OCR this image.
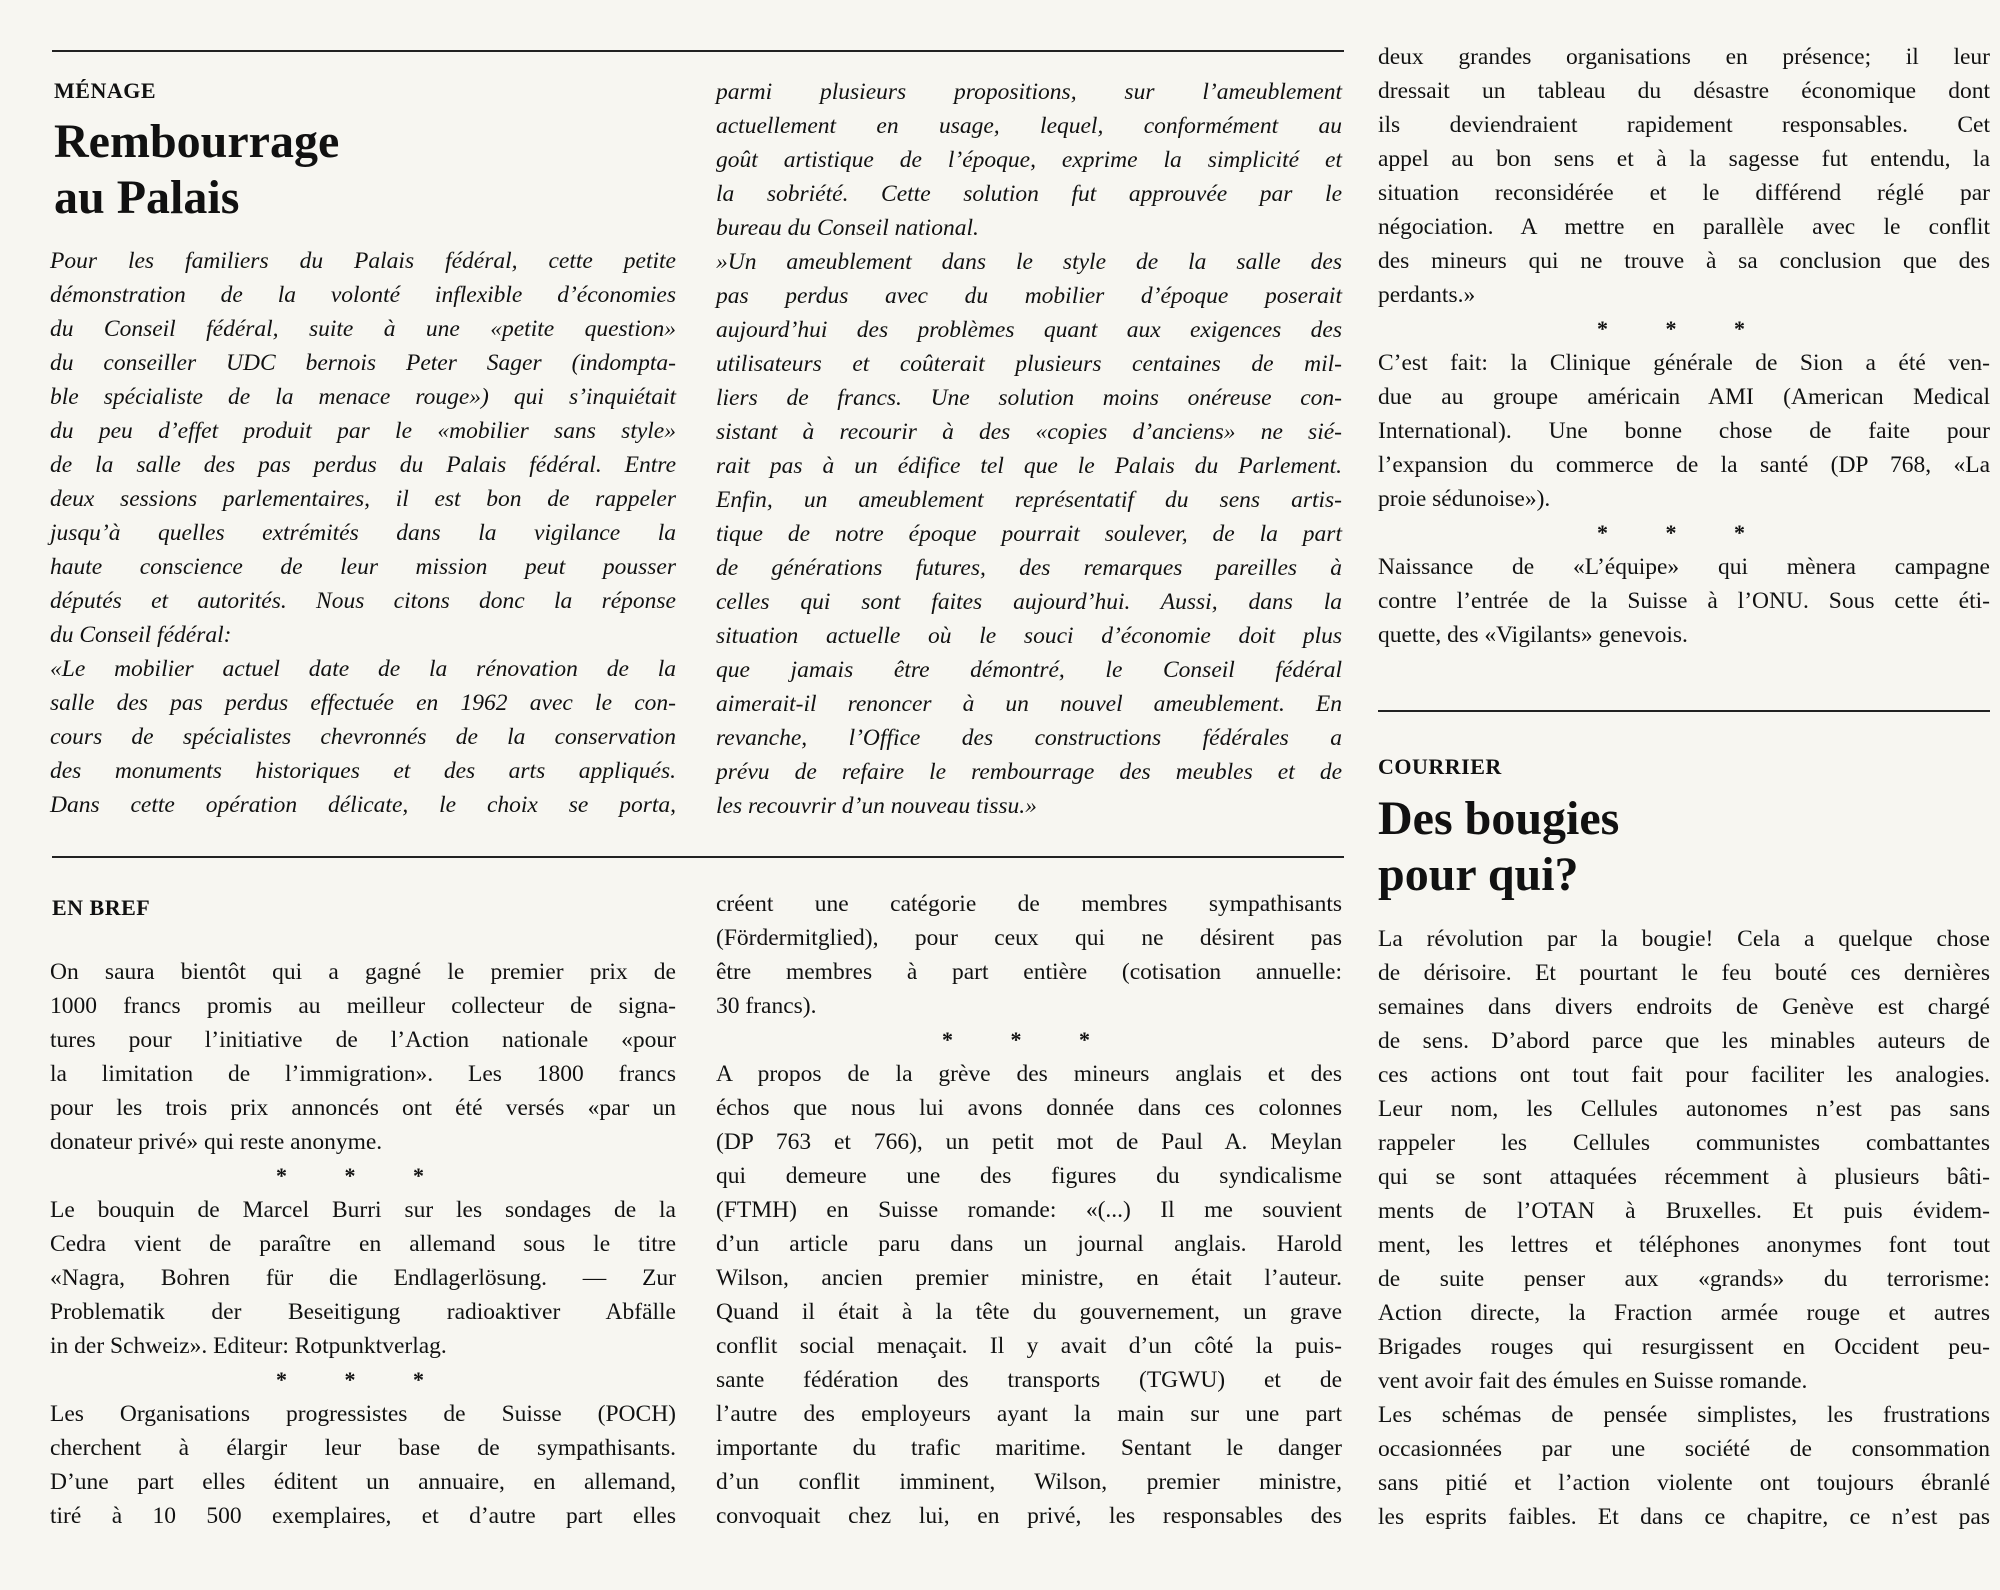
MÉNAGE
Rembourrage
au Palais
Pour les familiers du Palais fédéral, cette petite
démonstration de la volonté inflexible d’économies
du Conseil fédéral, suite à une «petite question»
du conseiller UDC bernois Peter Sager (indompta-
ble spécialiste de la menace rouge») qui s’inquiétait
du peu d’effet produit par le «mobilier sans style»
de la salle des pas perdus du Palais fédéral. Entre
deux sessions parlementaires, il est bon de rappeler
jusqu’à quelles extrémités dans la vigilance la
haute conscience de leur mission peut pousser
députés et autorités. Nous citons donc la réponse
du Conseil fédéral:
«Le mobilier actuel date de la rénovation de la
salle des pas perdus effectuée en 1962 avec le con-
cours de spécialistes chevronnés de la conservation
des monuments historiques et des arts appliqués.
Dans cette opération délicate, le choix se porta,
parmi plusieurs propositions, sur l’ameublement
actuellement en usage, lequel, conformément au
goût artistique de l’époque, exprime la simplicité et
la sobriété. Cette solution fut approuvée par le
bureau du Conseil national.
»Un ameublement dans le style de la salle des
pas perdus avec du mobilier d’époque poserait
aujourd’hui des problèmes quant aux exigences des
utilisateurs et coûterait plusieurs centaines de mil-
liers de francs. Une solution moins onéreuse con-
sistant à recourir à des «copies d’anciens» ne sié-
rait pas à un édifice tel que le Palais du Parlement.
Enfin, un ameublement représentatif du sens artis-
tique de notre époque pourrait soulever, de la part
de générations futures, des remarques pareilles à
celles qui sont faites aujourd’hui. Aussi, dans la
situation actuelle où le souci d’économie doit plus
que jamais être démontré, le Conseil fédéral
aimerait-il renoncer à un nouvel ameublement. En
revanche, l’Office des constructions fédérales a
prévu de refaire le rembourrage des meubles et de
les recouvrir d’un nouveau tissu.»
deux grandes organisations en présence; il leur
dressait un tableau du désastre économique dont
ils deviendraient rapidement responsables. Cet
appel au bon sens et à la sagesse fut entendu, la
situation reconsidérée et le différend réglé par
négociation. A mettre en parallèle avec le conflit
des mineurs qui ne trouve à sa conclusion que des
perdants.»
* * *
C’est fait: la Clinique générale de Sion a été ven-
due au groupe américain AMI (American Medical
International). Une bonne chose de faite pour
l’expansion du commerce de la santé (DP 768, «La
proie sédunoise»).
* * *
Naissance de «L’équipe» qui mènera campagne
contre l’entrée de la Suisse à l’ONU. Sous cette éti-
quette, des «Vigilants» genevois.
EN BREF
On saura bientôt qui a gagné le premier prix de
1000 francs promis au meilleur collecteur de signa-
tures pour l’initiative de l’Action nationale «pour
la limitation de l’immigration». Les 1800 francs
pour les trois prix annoncés ont été versés «par un
donateur privé» qui reste anonyme.
* * *
Le bouquin de Marcel Burri sur les sondages de la
Cedra vient de paraître en allemand sous le titre
«Nagra, Bohren für die Endlagerlösung. — Zur
Problematik der Beseitigung radioaktiver Abfälle
in der Schweiz». Editeur: Rotpunktverlag.
* * *
Les Organisations progressistes de Suisse (POCH)
cherchent à élargir leur base de sympathisants.
D’une part elles éditent un annuaire, en allemand,
tiré à 10 500 exemplaires, et d’autre part elles
créent une catégorie de membres sympathisants
(Fördermitglied), pour ceux qui ne désirent pas
être membres à part entière (cotisation annuelle:
30 francs).
* * *
A propos de la grève des mineurs anglais et des
échos que nous lui avons donnée dans ces colonnes
(DP 763 et 766), un petit mot de Paul A. Meylan
qui demeure une des figures du syndicalisme
(FTMH) en Suisse romande: «(...) Il me souvient
d’un article paru dans un journal anglais. Harold
Wilson, ancien premier ministre, en était l’auteur.
Quand il était à la tête du gouvernement, un grave
conflit social menaçait. Il y avait d’un côté la puis-
sante fédération des transports (TGWU) et de
l’autre des employeurs ayant la main sur une part
importante du trafic maritime. Sentant le danger
d’un conflit imminent, Wilson, premier ministre,
convoquait chez lui, en privé, les responsables des
COURRIER
Des bougies
pour qui?
La révolution par la bougie! Cela a quelque chose
de dérisoire. Et pourtant le feu bouté ces dernières
semaines dans divers endroits de Genève est chargé
de sens. D’abord parce que les minables auteurs de
ces actions ont tout fait pour faciliter les analogies.
Leur nom, les Cellules autonomes n’est pas sans
rappeler les Cellules communistes combattantes
qui se sont attaquées récemment à plusieurs bâti-
ments de l’OTAN à Bruxelles. Et puis évidem-
ment, les lettres et téléphones anonymes font tout
de suite penser aux «grands» du terrorisme:
Action directe, la Fraction armée rouge et autres
Brigades rouges qui resurgissent en Occident peu-
vent avoir fait des émules en Suisse romande.
Les schémas de pensée simplistes, les frustrations
occasionnées par une société de consommation
sans pitié et l’action violente ont toujours ébranlé
les esprits faibles. Et dans ce chapitre, ce n’est pas
